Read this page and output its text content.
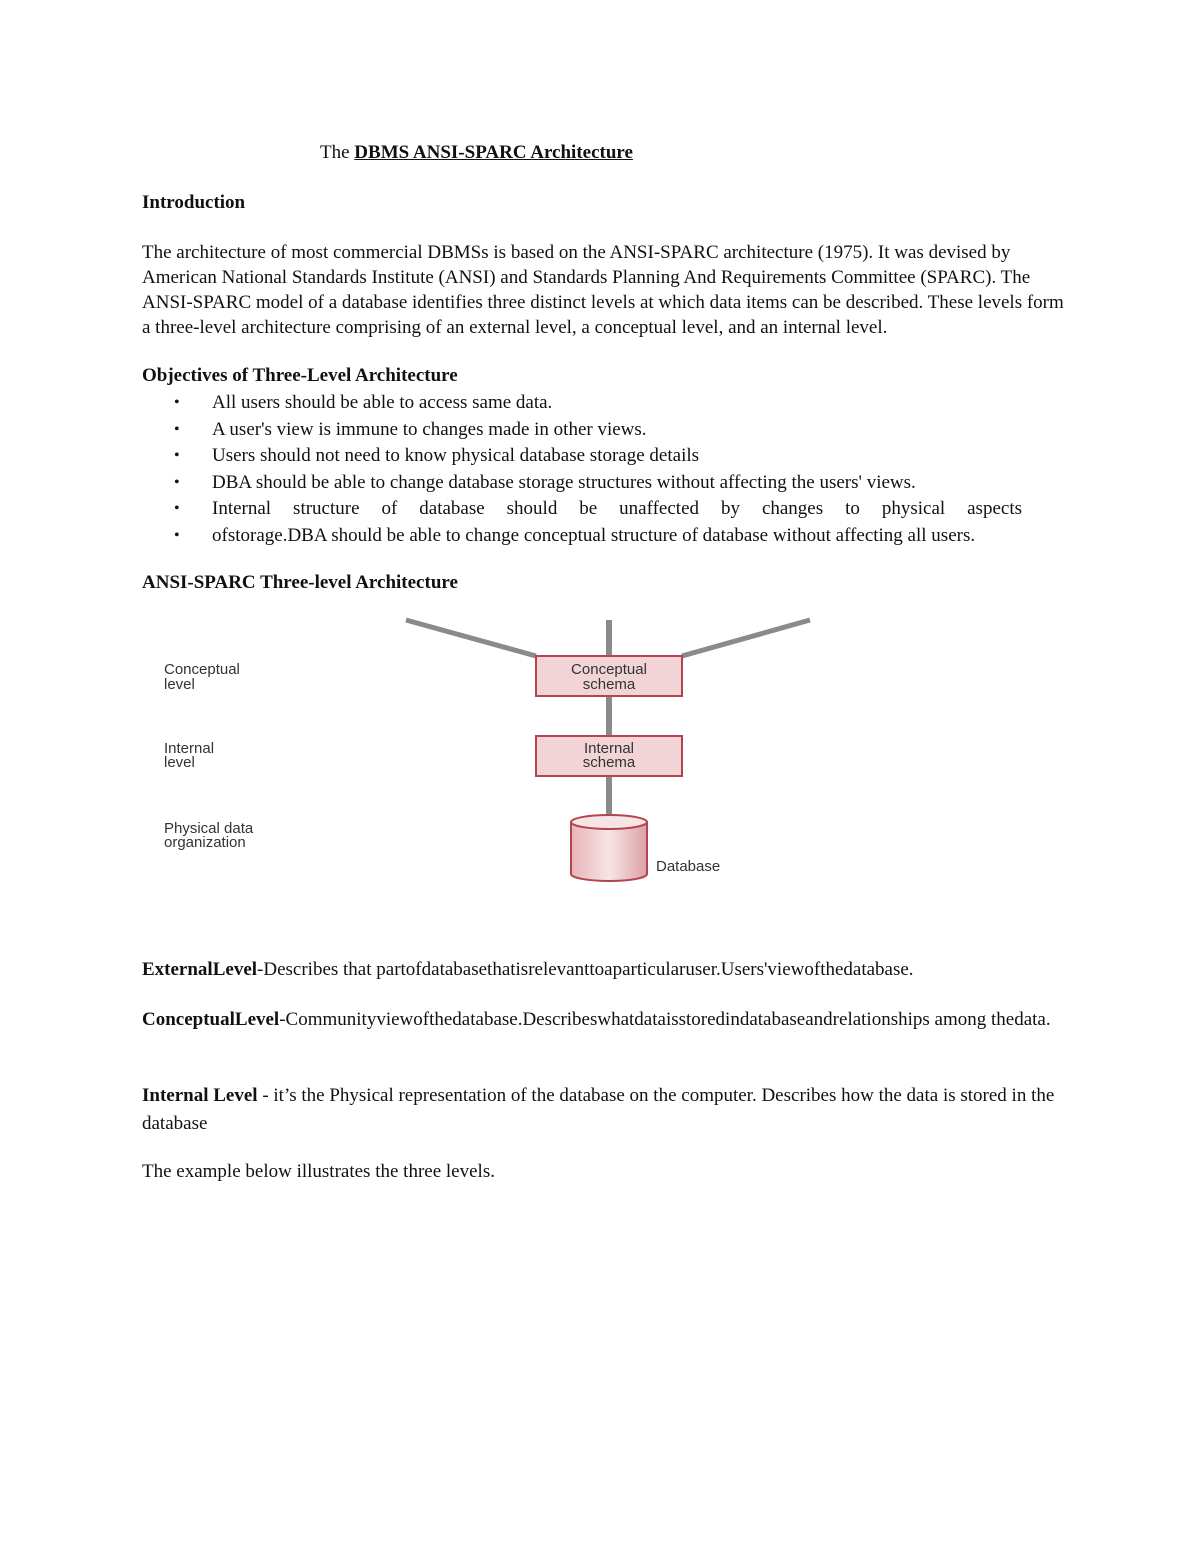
The DBMS ANSI-SPARC Architecture
Introduction

The architecture of most commercial DBMSs is based on the ANSI-SPARC architecture (1975). It was devised by American National Standards Institute (ANSI) and Standards Planning And Requirements Committee (SPARC). The ANSI-SPARC model of a database identifies three distinct levels at which data items can be described. These levels form a three-level architecture comprising of an external level, a conceptual level, and an internal level.

Objectives of Three-Level Architecture
• All users should be able to access same data.
• A user's view is immune to changes made in other views.
• Users should not need to know physical database storage details
• DBA should be able to change database storage structures without affecting the users' views.
• Internal structure of database should be unaffected by changes to physical aspects
• ofstorage.DBA should be able to change conceptual structure of database without affecting all users.
ANSI-SPARC Three-level Architecture
Conceptual
level
Internal
level
Physical data
organization
Conceptual
schema
Internal
schema
Database

ExternalLevel-Describes that partofdatabasethatisrelevanttoaparticularuser.Users'viewofthedatabase.

ConceptualLevel-Communityviewofthedatabase.Describeswhatdataisstoredindatabaseandrelationships among thedata.

Internal Level - it’s the Physical representation of the database on the computer. Describes how the data is stored in the database

The example below illustrates the three levels.
